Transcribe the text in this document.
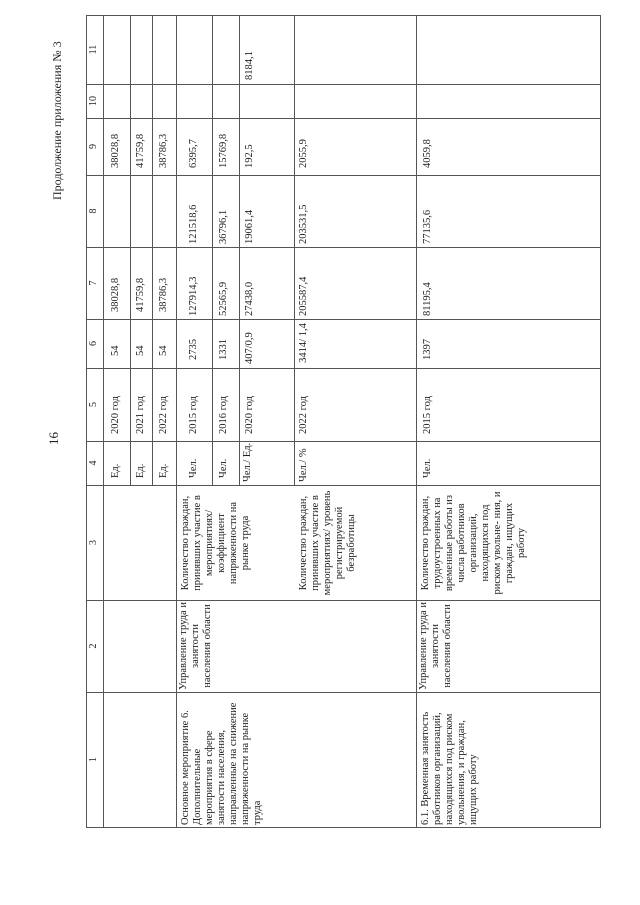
16
Продолжение приложения № 3 11
10
9
8
7
6
5
4
3
2
1
Ед.
2020 год
54
38028,8
38028,8
Ед.
2021 год
54
41759,8
41759,8
Ед.
2022 год
54
38786,3
38786,3
Основное мероприятие 6. Дополнительные мероприятия в сфере занятости населения, направленные на снижение напряженности на рынке труда
Управление труда и занятости населения области
Количество граждан, принявших участие в мероприятиях/ коэффициент напряженности на рынке труда	Количество граждан, принявших участие в мероприятиях/ уровень регистрируемой безработицы
Чел.
2015 год
2735
127914,3
121518,6
6395,7
Чел.
2016 год
1331
52565,9
36796,1
15769,8
Чел./ Ед.
2020 год
407/0,9
27438,0
19061,4
192,5
8184,1
Чел./ %
2022 год
3414/ 1,4
205587,4
203531,5
2055,9
6.1. Временная занятость работников организаций, находящихся под риском увольнения, и граждан, ищущих работу
Управление труда и занятости населения области
Количество граждан, трудоустроенных на временные работы из числа работников организаций, находящихся под риском увольне- ния, и граждан, ищущих работу
Чел.
2015 год
1397
81195,4
77135,6
4059,8
